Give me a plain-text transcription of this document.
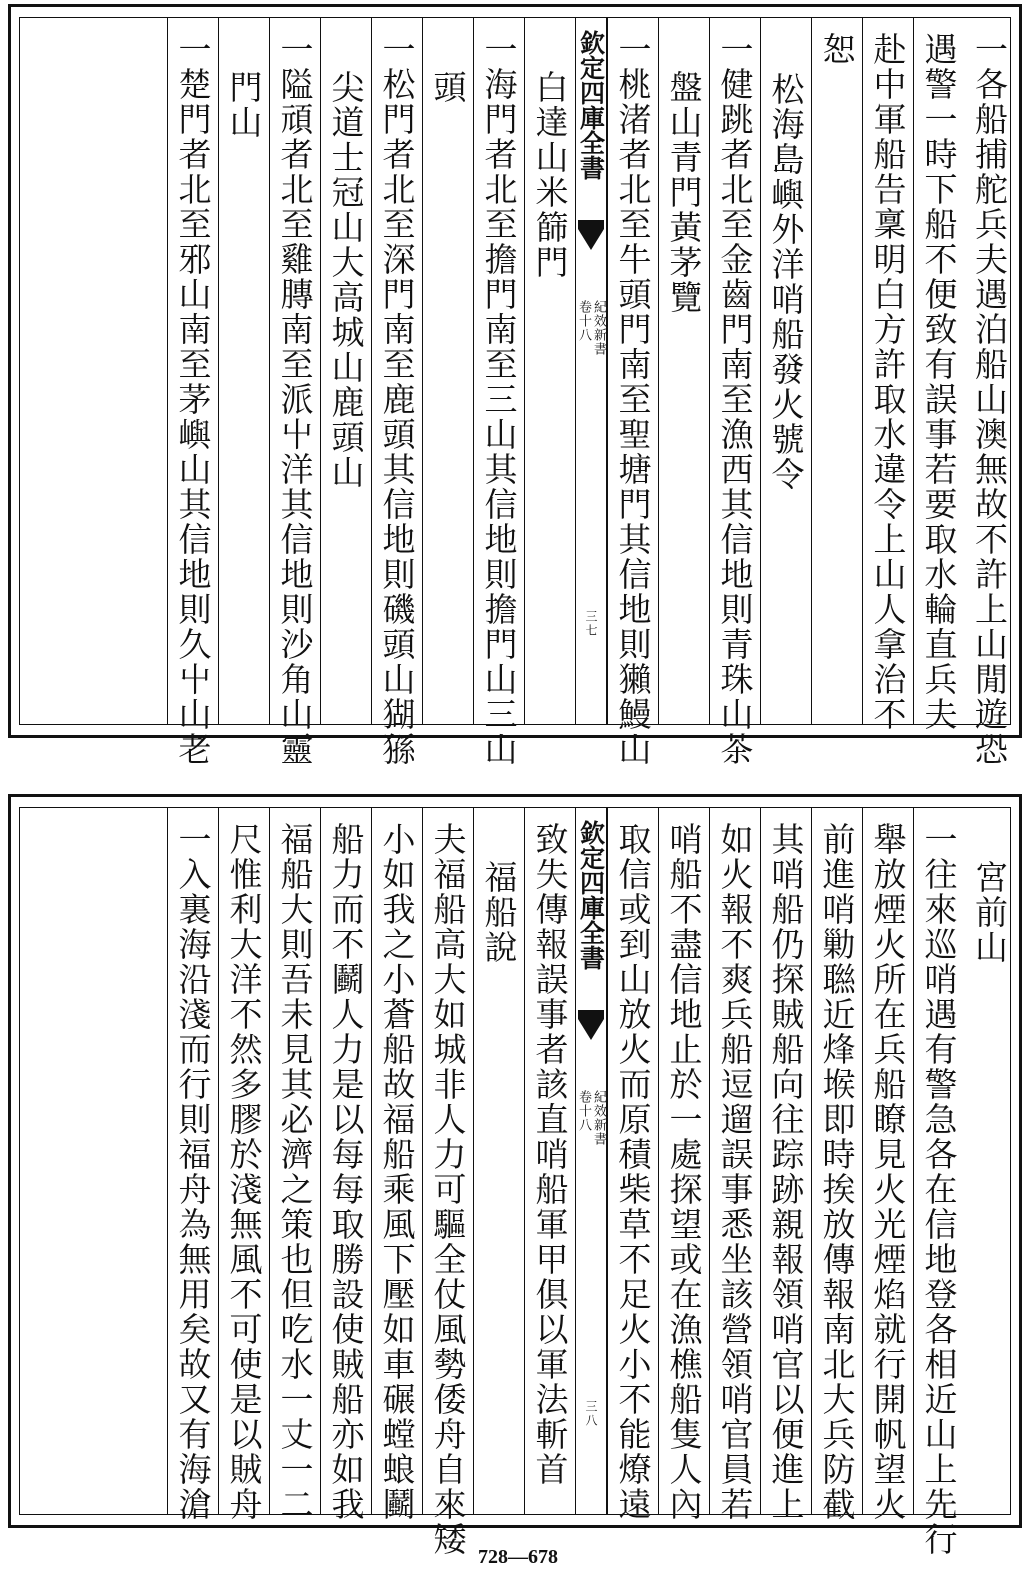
一各船捕舵兵夫遇泊船山澳無故不許上山閒遊恐
遇警一時下船不便致有誤事若要取水輪直兵夫
赴中軍船告稟明白方許取水違令上山人拿治不
恕
松海島嶼外洋哨船發火號令
一健跳者北至金齒門南至漁西其信地則青珠山茶
盤山青門黃茅覽
一桃渚者北至牛頭門南至聖塘門其信地則獺鰻山
欽定四庫全書
紀效新書
卷十八
三七
白達山米篩門
一海門者北至擔門南至三山其信地則擔門山三山
頭
一松門者北至深門南至鹿頭其信地則磯頭山猢猻
尖道士冠山大高城山鹿頭山
一隘頑者北至雞膞南至派屮洋其信地則沙角山靈
門山
一楚門者北至邪山南至茅嶼山其信地則久屮山老
宮前山
一往來巡哨遇有警急各在信地登各相近山上先行
舉放煙火所在兵船瞭見火光煙焰就行開帆望火
前進哨勦聮近烽堠即時挨放傳報南北大兵防截
其哨船仍探賊船向往踪跡親報領哨官以便進上
如火報不爽兵船逗遛誤事悉坐該營領哨官員若
哨船不盡信地止於一處探望或在漁樵船隻人內
取信或到山放火而原積柴草不足火小不能燎遠
欽定四庫全書
紀效新書
卷十八
三八
致失傳報誤事者該直哨船軍甲俱以軍法斬首
福船說
夫福船高大如城非人力可驅全仗風勢倭舟自來矮
小如我之小蒼船故福船乘風下壓如車碾螳蜋鬬
船力而不鬬人力是以每每取勝設使賊船亦如我
福船大則吾未見其必濟之策也但吃水一丈一二
尺惟利大洋不然多膠於淺無風不可使是以賊舟
一入裏海沿淺而行則福舟為無用矣故又有海滄
728—678
